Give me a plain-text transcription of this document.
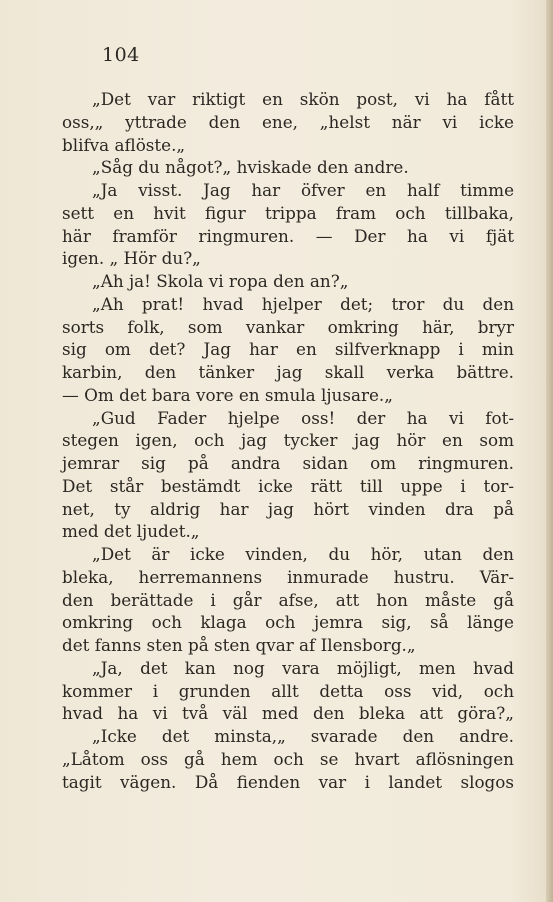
104
„Det var riktigt en skön post, vi ha fått
oss,„ yttrade den ene, „helst när vi icke
blifva aflöste.„
„Såg du något?„ hviskade den andre.
„Ja visst. Jag har öfver en half timme
sett en hvit figur trippa fram och tillbaka,
här framför ringmuren. — Der ha vi fjät
igen. „ Hör du?„
„Ah ja! Skola vi ropa den an?„
„Ah prat! hvad hjelper det; tror du den
sorts folk, som vankar omkring här, bryr
sig om det? Jag har en silfverknapp i min
karbin, den tänker jag skall verka bättre.
— Om det bara vore en smula ljusare.„
„Gud Fader hjelpe oss! der ha vi fot-
stegen igen, och jag tycker jag hör en som
jemrar sig på andra sidan om ringmuren.
Det står bestämdt icke rätt till uppe i tor-
net, ty aldrig har jag hört vinden dra på
med det ljudet.„
„Det är icke vinden, du hör, utan den
bleka, herremannens inmurade hustru. Vär-
den berättade i går afse, att hon måste gå
omkring och klaga och jemra sig, så länge
det fanns sten på sten qvar af Ilensborg.„
„Ja, det kan nog vara möjligt, men hvad
kommer i grunden allt detta oss vid, och
hvad ha vi två väl med den bleka att göra?„
„Icke det minsta,„ svarade den andre.
„Låtom oss gå hem och se hvart aflösningen
tagit vägen. Då fienden var i landet slogos
